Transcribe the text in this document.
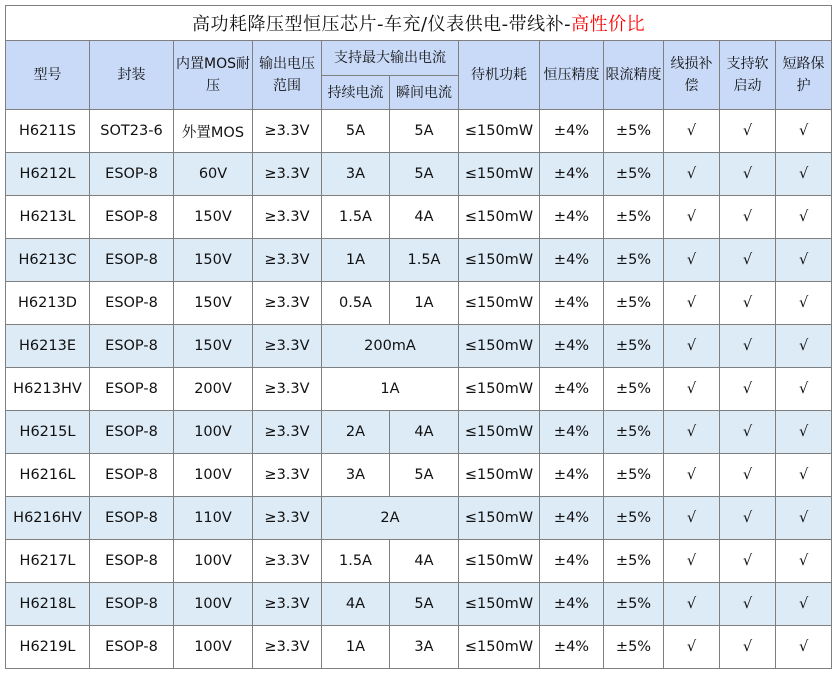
高功耗降压型恒压芯片-车充/仪表供电-带线补-高性价比											
型号	封装	内置MOS耐压	输出电压范围	支持最大输出电流		待机功耗	恒压精度	限流精度	线损补偿	支持软启动	短路保护
				持续电流	瞬间电流						
H6211S	SOT23-6	外置MOS	≥3.3V	5A	5A	≤150mW	±4%	±5%	√	√	√
H6212L	ESOP-8	60V	≥3.3V	3A	5A	≤150mW	±4%	±5%	√	√	√
H6213L	ESOP-8	150V	≥3.3V	1.5A	4A	≤150mW	±4%	±5%	√	√	√
H6213C	ESOP-8	150V	≥3.3V	1A	1.5A	≤150mW	±4%	±5%	√	√	√
H6213D	ESOP-8	150V	≥3.3V	0.5A	1A	≤150mW	±4%	±5%	√	√	√
H6213E	ESOP-8	150V	≥3.3V	200mA		≤150mW	±4%	±5%	√	√	√
H6213HV	ESOP-8	200V	≥3.3V	1A		≤150mW	±4%	±5%	√	√	√
H6215L	ESOP-8	100V	≥3.3V	2A	4A	≤150mW	±4%	±5%	√	√	√
H6216L	ESOP-8	100V	≥3.3V	3A	5A	≤150mW	±4%	±5%	√	√	√
H6216HV	ESOP-8	110V	≥3.3V	2A		≤150mW	±4%	±5%	√	√	√
H6217L	ESOP-8	100V	≥3.3V	1.5A	4A	≤150mW	±4%	±5%	√	√	√
H6218L	ESOP-8	100V	≥3.3V	4A	5A	≤150mW	±4%	±5%	√	√	√
H6219L	ESOP-8	100V	≥3.3V	1A	3A	≤150mW	±4%	±5%	√	√	√
